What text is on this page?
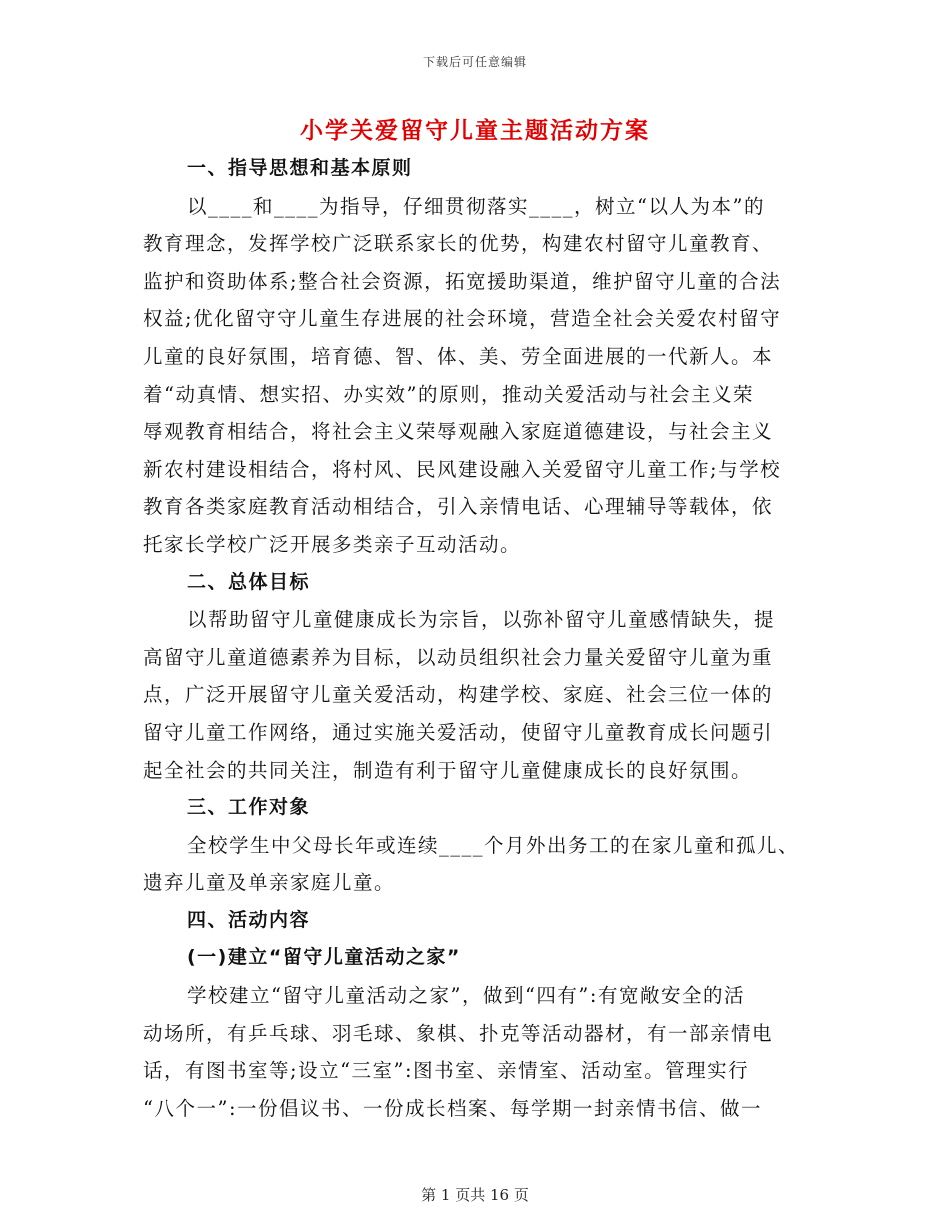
下载后可任意编辑
小学关爱留守儿童主题活动方案
一、指导思想和基本原则
以____和____为指导，仔细贯彻落实____，树立“以人为本”的
教育理念，发挥学校广泛联系家长的优势，构建农村留守儿童教育、
监护和资助体系;整合社会资源，拓宽援助渠道，维护留守儿童的合法
权益;优化留守守儿童生存进展的社会环境，营造全社会关爱农村留守
儿童的良好氛围，培育德、智、体、美、劳全面进展的一代新人。本
着“动真情、想实招、办实效”的原则，推动关爱活动与社会主义荣
辱观教育相结合，将社会主义荣辱观融入家庭道德建设，与社会主义
新农村建设相结合，将村风、民风建设融入关爱留守儿童工作;与学校
教育各类家庭教育活动相结合，引入亲情电话、心理辅导等载体，依
托家长学校广泛开展多类亲子互动活动。
二、总体目标
以帮助留守儿童健康成长为宗旨，以弥补留守儿童感情缺失，提
高留守儿童道德素养为目标，以动员组织社会力量关爱留守儿童为重
点，广泛开展留守儿童关爱活动，构建学校、家庭、社会三位一体的
留守儿童工作网络，通过实施关爱活动，使留守儿童教育成长问题引
起全社会的共同关注，制造有利于留守儿童健康成长的良好氛围。
三、工作对象
全校学生中父母长年或连续____个月外出务工的在家儿童和孤儿、
遗弃儿童及单亲家庭儿童。
四、活动内容
(一)建立“留守儿童活动之家”
学校建立“留守儿童活动之家”，做到“四有”:有宽敞安全的活
动场所，有乒乓球、羽毛球、象棋、扑克等活动器材，有一部亲情电
话，有图书室等;设立“三室”:图书室、亲情室、活动室。管理实行
“八个一”:一份倡议书、一份成长档案、每学期一封亲情书信、做一
第 1 页共 16 页
